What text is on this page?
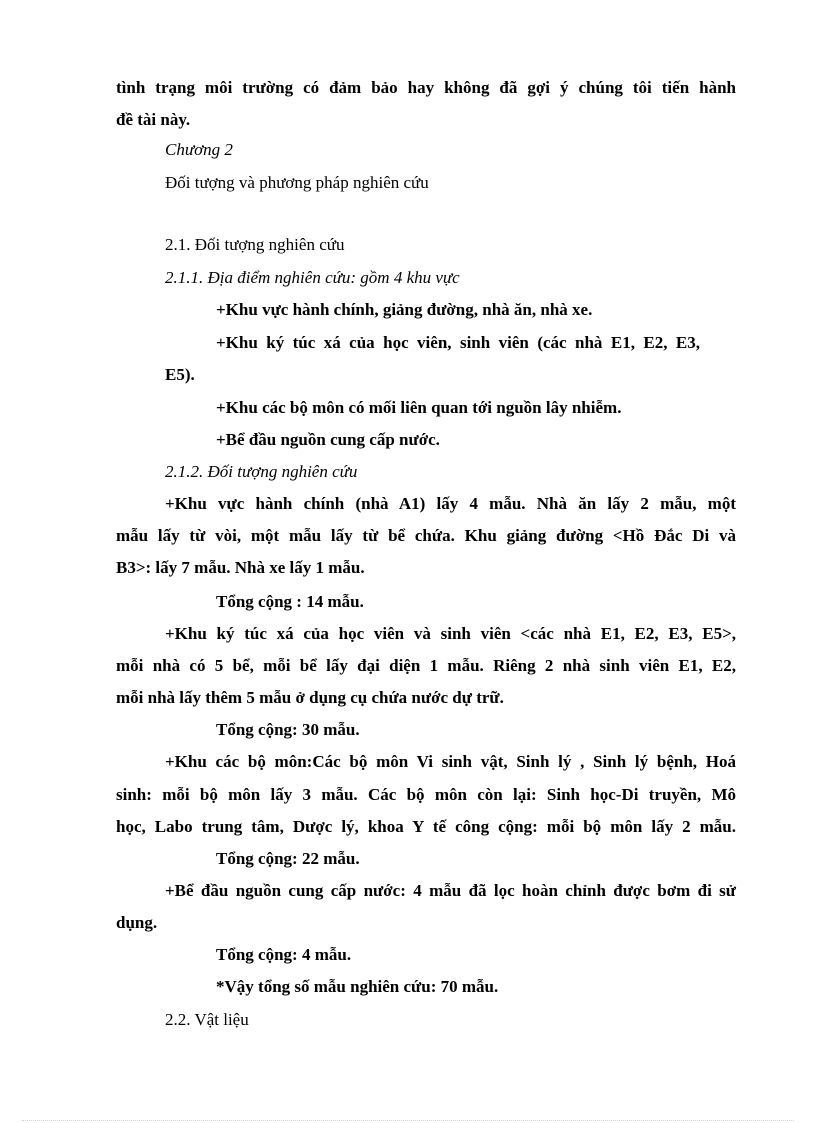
tình trạng môi trường có đảm bảo hay không đã gợi ý chúng tôi tiến hành
đề tài này.
Chương 2
Đối tượng và phương pháp nghiên cứu
2.1. Đối tượng nghiên cứu
2.1.1. Địa điểm nghiên cứu: gồm 4 khu vực
+Khu vực hành chính, giảng đường, nhà ăn, nhà xe.
+Khu ký túc xá của học viên, sinh viên (các nhà E1, E2, E3,
E5).
+Khu các bộ môn có mối liên quan tới nguồn lây nhiễm.
+Bể đầu nguồn cung cấp nước.
2.1.2. Đối tượng nghiên cứu
+Khu vực hành chính (nhà A1) lấy 4 mẫu. Nhà ăn lấy 2 mẫu, một
mẫu lấy từ vòi, một mẫu lấy từ bể chứa. Khu giảng đường <Hồ Đắc Di và
B3>: lấy 7 mẫu. Nhà xe lấy 1 mẫu.
Tổng cộng : 14 mẫu.
+Khu ký túc xá của học viên và sinh viên <các nhà E1, E2, E3, E5>,
mỗi nhà có 5 bể, mỗi bể lấy đại diện 1 mẫu. Riêng 2 nhà sinh viên E1, E2,
mỗi nhà lấy thêm 5 mẫu ở dụng cụ chứa nước dự trữ.
Tổng cộng: 30 mẫu.
+Khu các bộ môn:Các bộ môn Vi sinh vật, Sinh lý , Sinh lý bệnh, Hoá
sinh: mỗi bộ môn lấy 3 mẫu. Các bộ môn còn lại: Sinh học-Di truyền, Mô
học, Labo trung tâm, Dược lý, khoa Y tế công cộng: mỗi bộ môn lấy 2 mẫu.
Tổng cộng: 22 mẫu.
+Bể đầu nguồn cung cấp nước: 4 mẫu đã lọc hoàn chỉnh được bơm đi sử
dụng.
Tổng cộng: 4 mẫu.
*Vậy tổng số mẫu nghiên cứu: 70 mẫu.
2.2. Vật liệu
